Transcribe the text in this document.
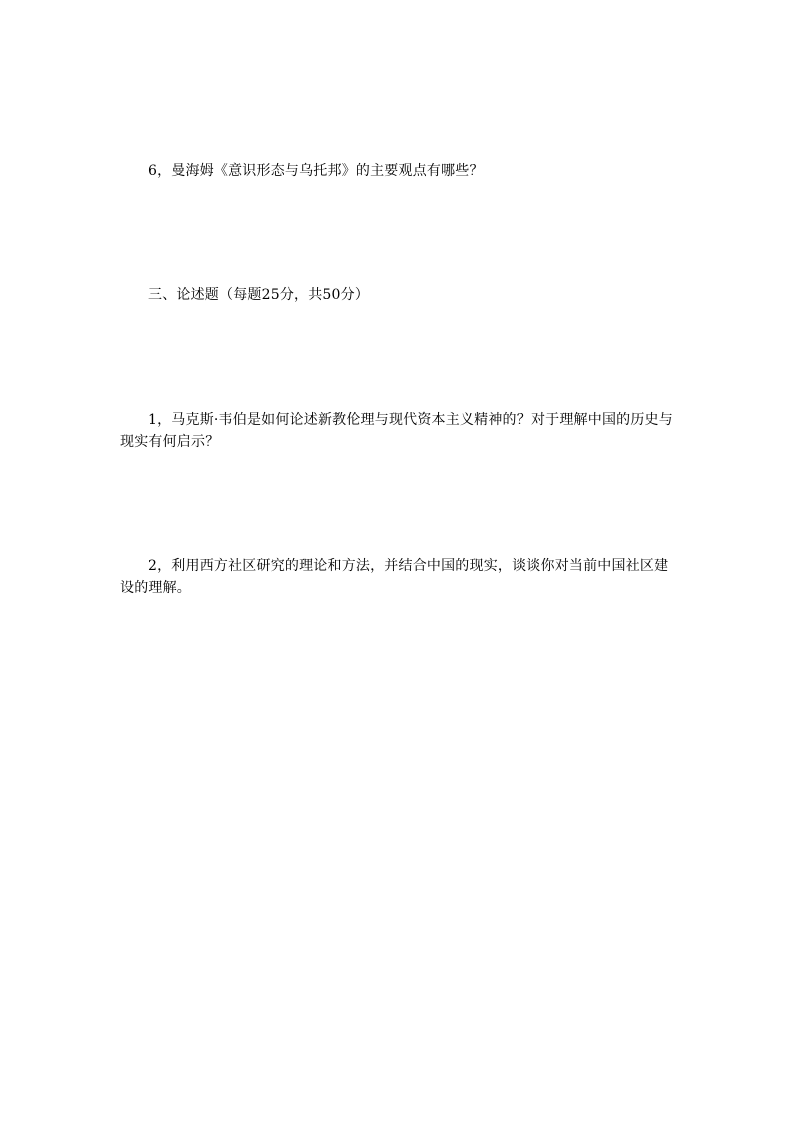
6，曼海姆《意识形态与乌托邦》的主要观点有哪些？
三、论述题（每题25分，共50分）
1，马克斯·韦伯是如何论述新教伦理与现代资本主义精神的？对于理解中国的历史与现实有何启示？
2，利用西方社区研究的理论和方法，并结合中国的现实，谈谈你对当前中国社区建设的理解。
